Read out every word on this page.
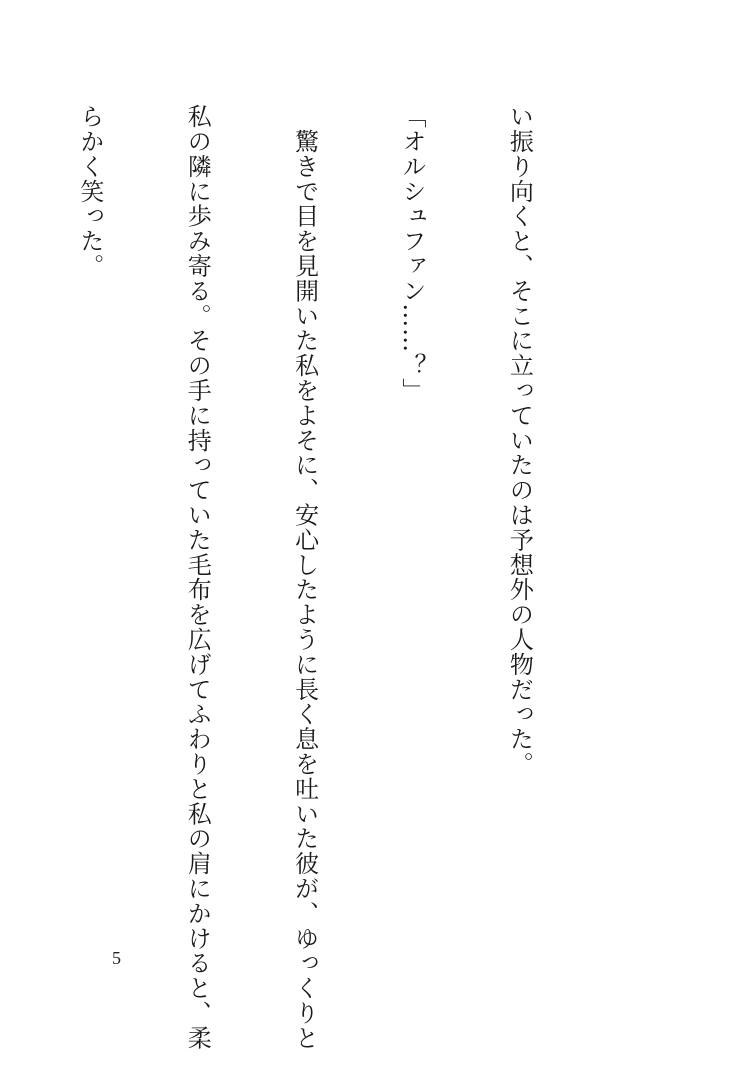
い振り向くと、そこに立っていたのは予想外の人物だった。

「オルシュファン……？」

　驚きで目を見開いた私をよそに、安心したように長く息を吐いた彼が、ゆっくりと

私の隣に歩み寄る。その手に持っていた毛布を広げてふわりと私の肩にかけると、柔

らかく笑った。

5
